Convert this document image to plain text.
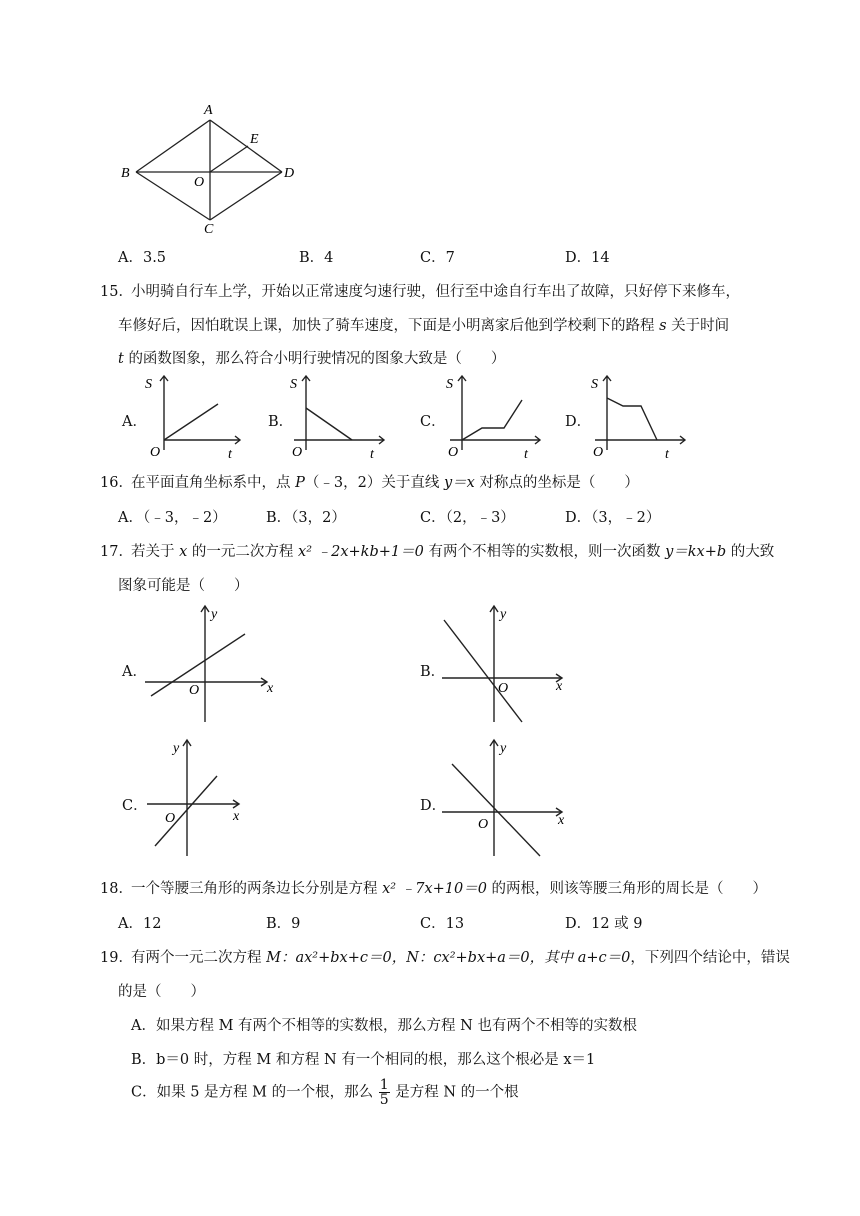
A
B
C
D
E
O
A．3.5	B．4	C．7	D．14
15．
小明骑自行车上学，开始以正常速度匀速行驶，但行至中途自行车出了故障，只好停下来修车，
车修好后，因怕耽误上课，加快了骑车速度，下面是小明离家后他到学校剩下的路程 s 关于时间
t 的函数图象，那么符合小明行驶情况的图象大致是（　　）
A．
S
O	t
B．
S
O	t
C．
S
O	t
D．
S
O	t
16．
在平面直角坐标系中，点 P（﹣3，2）关于直线 y＝x 对称点的坐标是（　　）
A．（﹣3，﹣2）	B．（3，2）	C．（2，﹣3）	D．（3，﹣2）
17．
若关于 x 的一元二次方程 x² ﹣2x+kb+1＝0 有两个不相等的实数根，则一次函数 y＝kx+b 的大致
图象可能是（　　）
A．
y
O	x
B．
y
O	x
C．
y
O	x
D．
y
O	x
18．
一个等腰三角形的两条边长分别是方程 x² ﹣7x+10＝0 的两根，则该等腰三角形的周长是（　　）
A．12	B．9	C．13	D．12 或 9
19．
有两个一元二次方程 M：ax²+bx+c＝0，N：cx²+bx+a＝0，其中 a+c＝0，下列四个结论中，错误
的是（　　）
A．如果方程 M 有两个不相等的实数根，那么方程 N 也有两个不相等的实数根
B．b＝0 时，方程 M 和方程 N 有一个相同的根，那么这个根必是 x＝1
C．如果 5 是方程 M 的一个根，那么 $\frac{1}{5}$ 是方程 N 的一个根
